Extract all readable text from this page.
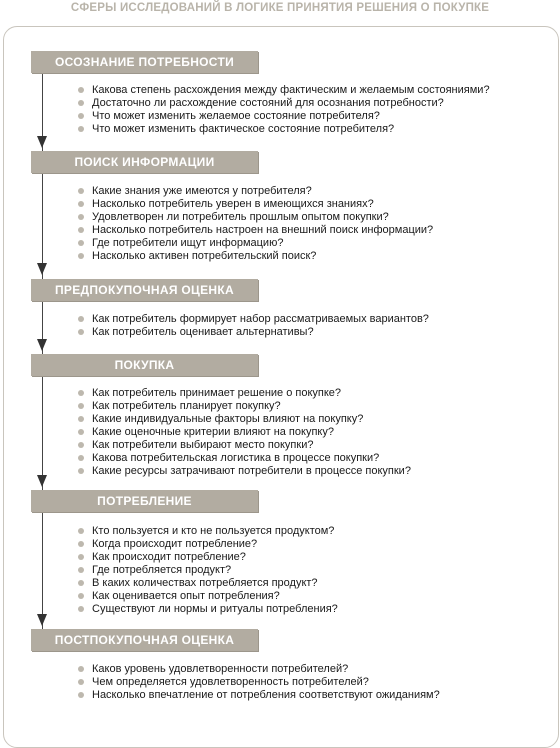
СФЕРЫ ИССЛЕДОВАНИЙ В ЛОГИКЕ ПРИНЯТИЯ РЕШЕНИЯ О ПОКУПКЕ
ОСОЗНАНИЕ ПОТРЕБНОСТИ
Какова степень расхождения между фактическим и желаемым состояниями?
Достаточно ли расхождение состояний для осознания потребности?
Что может изменить желаемое состояние потребителя?
Что может изменить фактическое состояние потребителя?
ПОИСК ИНФОРМАЦИИ
Какие знания уже имеются у потребителя?
Насколько потребитель уверен в имеющихся знаниях?
Удовлетворен ли потребитель прошлым опытом покупки?
Насколько потребитель настроен на внешний поиск информации?
Где потребители ищут информацию?
Насколько активен потребительский поиск?
ПРЕДПОКУПОЧНАЯ ОЦЕНКА
Как потребитель формирует набор рассматриваемых вариантов?
Как потребитель оценивает альтернативы?
ПОКУПКА
Как потребитель принимает решение о покупке?
Как потребитель планирует покупку?
Какие индивидуальные факторы влияют на покупку?
Какие оценочные критерии влияют на покупку?
Как потребители выбирают место покупки?
Какова потребительская логистика в процессе покупки?
Какие ресурсы затрачивают потребители в процессе покупки?
ПОТРЕБЛЕНИЕ
Кто пользуется и кто не пользуется продуктом?
Когда происходит потребление?
Как происходит потребление?
Где потребляется продукт?
В каких количествах потребляется продукт?
Как оценивается опыт потребления?
Существуют ли нормы и ритуалы потребления?
ПОСТПОКУПОЧНАЯ ОЦЕНКА
Каков уровень удовлетворенности потребителей?
Чем определяется удовлетворенность потребителей?
Насколько впечатление от потребления соответствуют ожиданиям?
